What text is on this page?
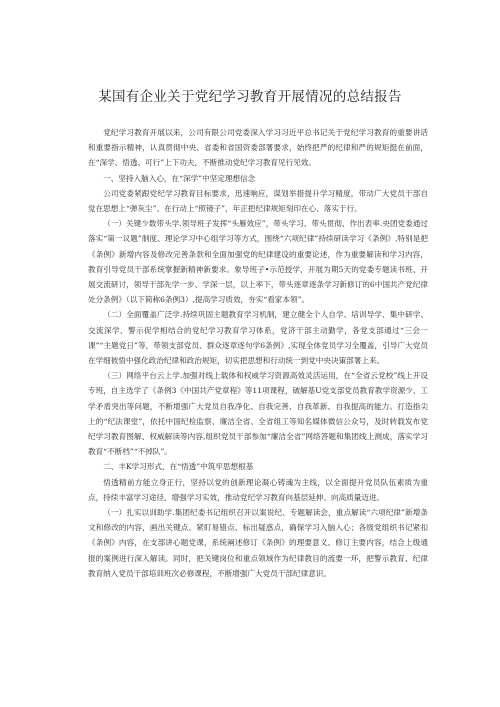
某国有企业关于党纪学习教育开展情况的总结报告

党纪学习教育开展以来，公司有限公司党委深入学习习近平总书记关于党纪学习教育的重要讲话和重要指示精神，认真贯彻中央、省委和省国资委部署要求，始终把严的纪律和严的规矩挺在前面，在“深学、悟透、可行”上下功夫，不断推动党纪学习教育见行见效。

一、坚持入脑入心，在“深学”中坚定理想信念

公司党委紧跟党纪学习教育目标要求，迅速响应，谋划举措提升学习精度，带动广大党员干部自觉在思想上“弹灰尘”、在行动上“照镜子”，年正把纪律规矩刻印在心、落实于行。

（一）关键少数带头学.领导班子发挥“头雁效应”，带头学习、带头贯彻、作出表率.央团党委通过落实“第一议题”制度、理论学习中心组学习等方式，围绕“六项纪律”持续研读学习《条例》,特别是把《条例》新增内容及修改完善条款和全面加强党的纪律建设的重要论述，作为重要解读和学习内容，教育引导党员干部系统掌握新精神新要求。象导班子•示范授学，开展为期5天的党委专题读书班、开展交流研讨，领导干部先学一步、学深一层，以上率下，带头逐章逐条学习新修订的6中国共产党纪律处分条例》（以下简称6条例3）,提高学习质效，夯实“看家本领”。

（二）全面覆盖广泛学.持续巩固主题教育学习机制，建立健全个人自学、培训导学、集中研学、交流深学、警示促学相结合的党纪学习教育学习体系，党济干部主动勤学，各党支部通过“三会一课”“主题党日”等，带领支部党员、群众逐章逐句学6条例》,实现全体党员学习全覆盖，引导广大党员在学细彼悟中强化政治纪律和政治规矩，切实把思想和行动统一到党中央决策部署上来。

（三）网络平台云上学.加强对线上载体和权威学习资源高效灵活运用，在“全省云党校”线上开设专班，自主选学了《条例3《中国共产党章程》等11项课程，破解基U党支部党员教育教学资源少、工学矛盾突出等问题，不断增强广大党员自我净化、自我完善、自我革新、自我提高的能力。打造指尖上的“纪法课堂”，依托中国纪检监察、廉洁全省、全省组工等知名媒体微信公众号，及时转载发布党纪学习教育图解、权威解读等内容,组织党员干部参加“廉洁全省”网络答题和集团线上测成，落实学习教育“不断档”“不掉队”。

二、丰K学习形式，在“悟透”中筑牢思想根基

悟透精前方能立身正行，坚持以党的创新理论凝心铸魂为主线，以全面提升党员队伍素质为重点，持续丰富学习途径，增强学习实效，推动党纪学习教育向基层延伸、向高质量迈进。

（一）扎实以训助学.集团纪委书记组织召开以案说纪、专题解读会，重点解读“六项纪律”新增条文和修改的内容，画出关键点、紧盯易错点、标出疑惑点，确保学习入脑入心；各级党组织书记紧扣《条例》内容，在支部讲心题党课，系统阐述修订《条例》的理要意义、修订主要内容，结合上级通报的案例进行深入解读。同时，把关键岗位和重点领域作为纪律教目的流要一环，把警示教育、纪律教育纳入党员干部培训班次必修课程，不断增强广大党员干部纪律意识。
